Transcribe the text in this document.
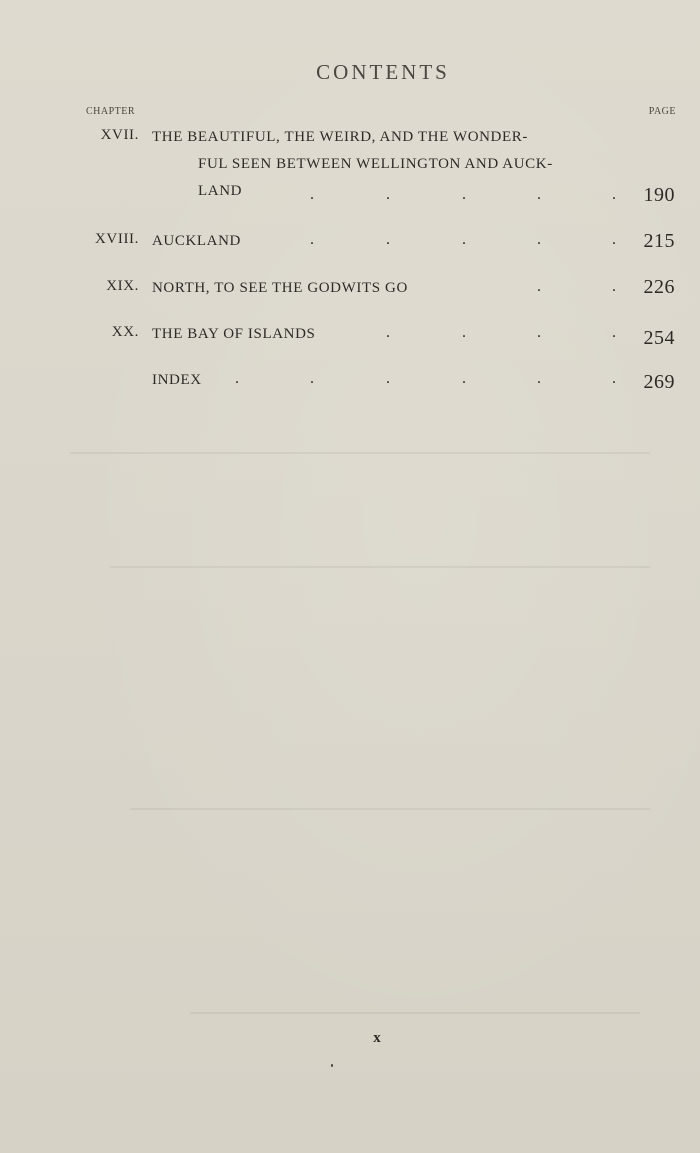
CONTENTS
CHAPTER	PAGE
XVII. THE BEAUTIFUL, THE WEIRD, AND THE WONDER-
FUL SEEN BETWEEN WELLINGTON AND AUCK-
LAND	.	.	.	.	. 190
XVIII. AUCKLAND	.	.	.	.	. 215
XIX. NORTH, TO SEE THE GODWITS GO	.	. 226
XX. THE BAY OF ISLANDS	.	.	.	. 254
INDEX	.	.	.	.	.	. 269
x
